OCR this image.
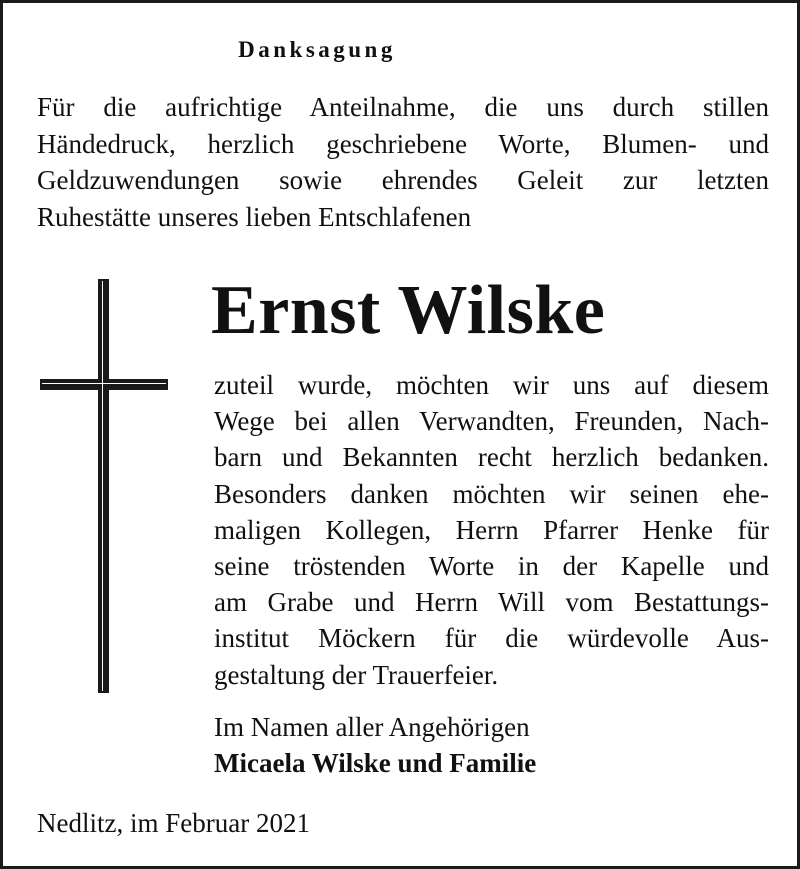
Danksagung
Für die aufrichtige Anteilnahme, die uns durch stillen
Händedruck, herzlich geschriebene Worte, Blumen- und
Geldzuwendungen sowie ehrendes Geleit zur letzten
Ruhestätte unseres lieben Entschlafenen
Ernst Wilske
zuteil wurde, möchten wir uns auf diesem
Wege bei allen Verwandten, Freunden, Nach-
barn und Bekannten recht herzlich bedanken.
Besonders danken möchten wir seinen ehe-
maligen Kollegen, Herrn Pfarrer Henke für
seine tröstenden Worte in der Kapelle und
am Grabe und Herrn Will vom Bestattungs-
institut Möckern für die würdevolle Aus-
gestaltung der Trauerfeier.
Im Namen aller Angehörigen
Micaela Wilske und Familie
Nedlitz, im Februar 2021
